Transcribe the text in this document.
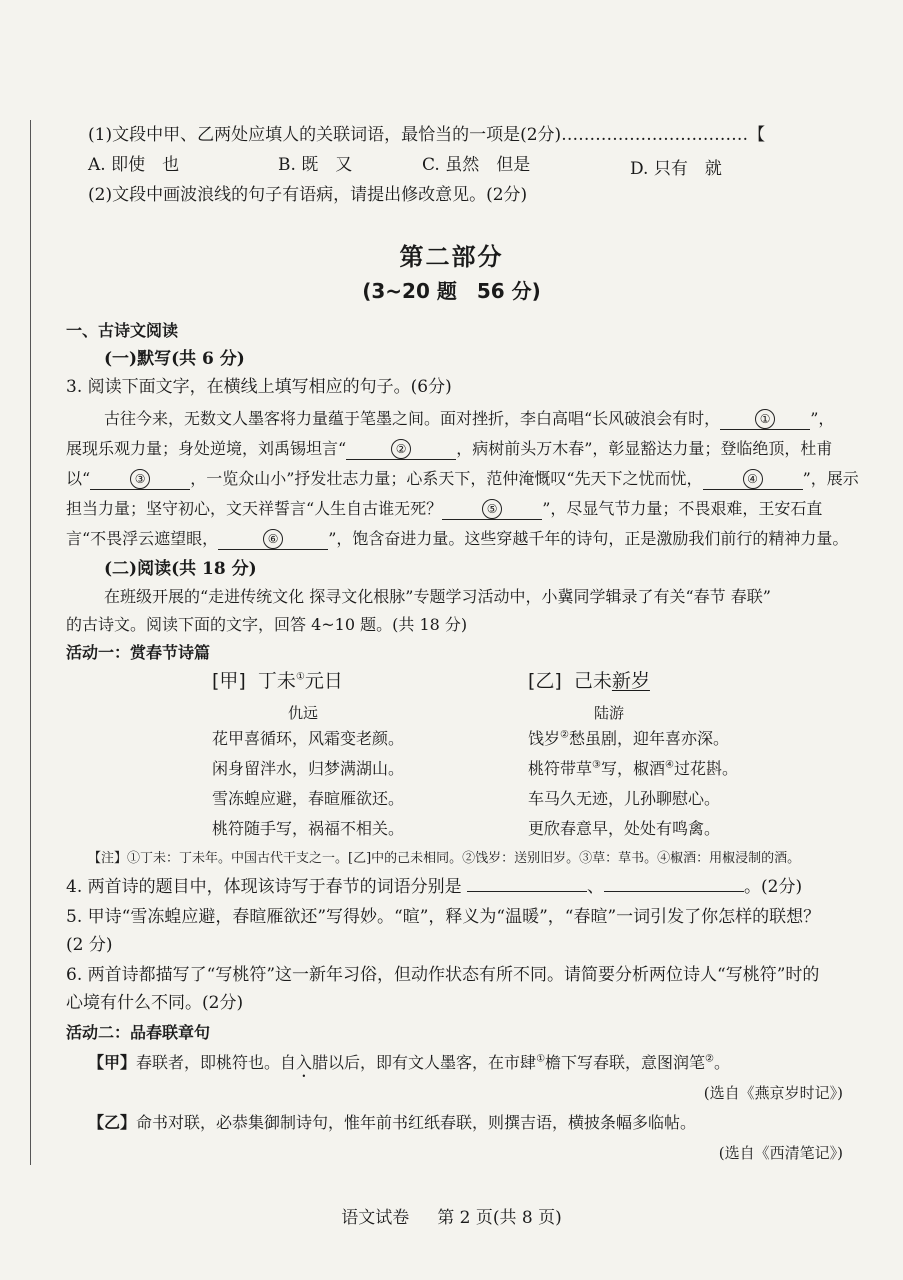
(1)文段中甲、乙两处应填人的关联词语，最恰当的一项是(2分)……………………………【
A. 即使　也	B. 既　又	C. 虽然　但是	D. 只有　就
(2)文段中画波浪线的句子有语病，请提出修改意见。(2分)
第二部分
(3~20 题　56 分)
一、古诗文阅读
(一)默写(共 6 分)
3. 阅读下面文字，在横线上填写相应的句子。(6分)
古往今来，无数文人墨客将力量蕴于笔墨之间。面对挫折，李白高唱“长风破浪会有时，	① ”，
展现乐观力量；身处逆境，刘禹锡坦言“	②	，病树前头万木春”，彰显豁达力量；登临绝顶，杜甫
以“	③	，一览众山小”抒发壮志力量；心系天下，范仲淹慨叹“先天下之忧而忧，	④	”，展示
担当力量；坚守初心，文天祥誓言“人生自古谁无死？	⑤	”，尽显气节力量；不畏艰难，王安石直
言“不畏浮云遮望眼，	⑥	”，饱含奋进力量。这些穿越千年的诗句，正是激励我们前行的精神力量。
(二)阅读(共 18 分)
在班级开展的“走进传统文化 探寻文化根脉”专题学习活动中，小冀同学辑录了有关“春节 春联”
的古诗文。阅读下面的文字，回答 4~10 题。(共 18 分)
活动一：赏春节诗篇
[甲] 丁未①元日
仇远
花甲喜循环，风霜变老颜。
闲身留泮水，归梦满湖山。
雪冻蝗应避，春暄雁欲还。
桃符随手写，祸福不相关。
[乙] 己未新岁
陆游
饯岁②愁虽剧，迎年喜亦深。
桃符带草③写，椒酒④过花斟。
车马久无迹，儿孙聊慰心。
更欣春意早，处处有鸣禽。
【注】①丁未：丁未年。中国古代干支之一。[乙]中的己未相同。②饯岁：送别旧岁。③草：草书。④椒酒：用椒浸制的酒。
4. 两首诗的题目中，体现该诗写于春节的词语分别是	、	。(2分)
5. 甲诗“雪冻蝗应避，春暄雁欲还”写得妙。“暄”，释义为“温暖”，“春暄”一词引发了你怎样的联想？
(2 分)
6. 两首诗都描写了“写桃符”这一新年习俗，但动作状态有所不同。请简要分析两位诗人“写桃符”时的
心境有什么不同。(2分)
活动二：品春联章句
【甲】春联者，即桃符也。自入腊以后，即有文人墨客，在市肆①檐下写春联，意图润笔②。
(选自《燕京岁时记》)
【乙】命书对联，必恭集御制诗句，惟年前书红纸春联，则撰吉语，横披条幅多临帖。
(选自《西清笔记》)
语文试卷 第 2 页(共 8 页)
